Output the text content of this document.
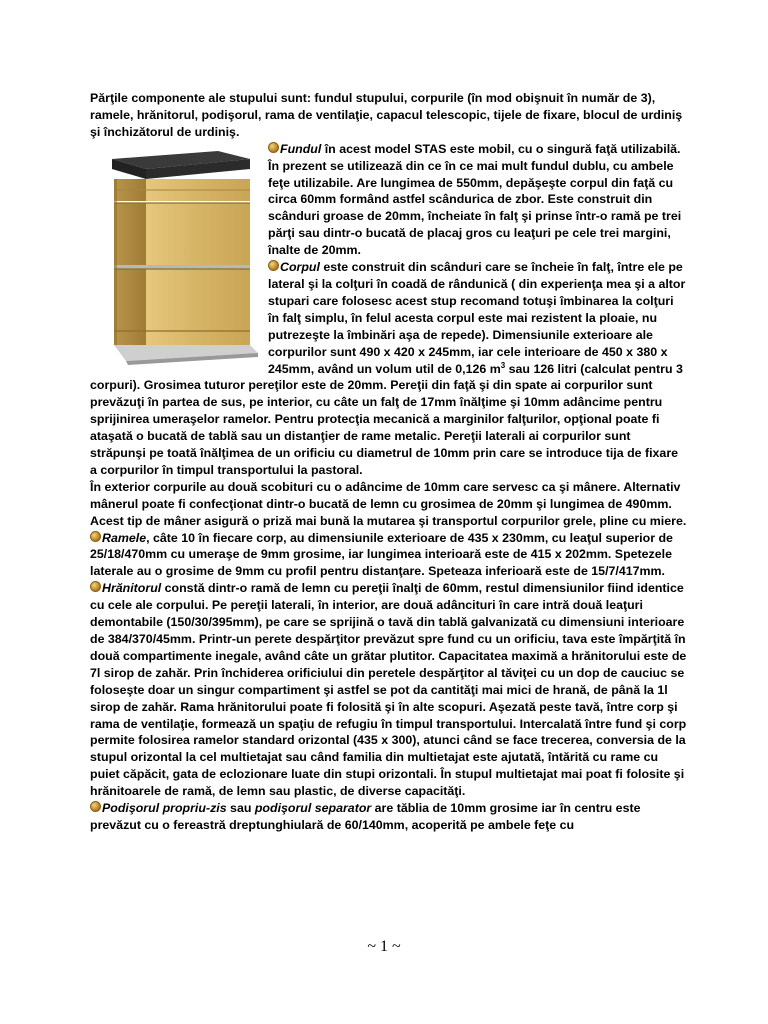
Părţile componente ale stupului sunt: fundul stupului, corpurile (în mod obişnuit în număr de 3), ramele, hrănitorul, podişorul, rama de ventilaţie, capacul telescopic, tijele de fixare, blocul de urdiniş şi închizătorul de urdiniş.

Fundul în acest model STAS este mobil, cu o singură faţă utilizabilă. În prezent se utilizează din ce în ce mai mult fundul dublu, cu ambele feţe utilizabile. Are lungimea de 550mm, depăşeşte corpul din faţă cu circa 60mm formând astfel scândurica de zbor. Este construit din scânduri groase de 20mm, încheiate în falţ şi prinse într-o ramă pe trei părţi sau dintr-o bucată de placaj gros cu leaţuri pe cele trei margini, înalte de 20mm.

Corpul este construit din scânduri care se încheie în falţ, între ele pe lateral şi la colţuri în coadă de rândunică ( din experienţa mea şi a altor stupari care folosesc acest stup recomand totuşi îmbinarea la colţuri în falţ simplu, în felul acesta corpul este mai rezistent la ploaie, nu putrezeşte la îmbinări aşa de repede). Dimensiunile exterioare ale corpurilor sunt 490 x 420 x 245mm, iar cele interioare de 450 x 380 x 245mm, având un volum util de 0,126 $m^3$ sau 126 litri (calculat pentru 3 corpuri). Grosimea tuturor pereţilor este de 20mm. Pereţii din faţă şi din spate ai corpurilor sunt prevăzuţi în partea de sus, pe interior, cu câte un falţ de 17mm înălţime şi 10mm adâncime pentru sprijinirea umeraşelor ramelor. Pentru protecţia mecanică a marginilor falţurilor, opţional poate fi ataşată o bucată de tablă sau un distanţier de rame metalic. Pereţii laterali ai corpurilor sunt străpunşi pe toată înălţimea de un orificiu cu diametrul de 10mm prin care se introduce tija de fixare a corpurilor în timpul transportului la pastoral.

În exterior corpurile au două scobituri cu o adâncime de 10mm care servesc ca şi mânere. Alternativ mânerul poate fi confecţionat dintr-o bucată de lemn cu grosimea de 20mm şi lungimea de 490mm. Acest tip de mâner asigură o priză mai bună la mutarea şi transportul corpurilor grele, pline cu miere.

Ramele, câte 10 în fiecare corp, au dimensiunile exterioare de 435 x 230mm, cu leaţul superior de 25/18/470mm cu umeraşe de 9mm grosime, iar lungimea interioară este de 415 x 202mm. Spetezele laterale au o grosime de 9mm cu profil pentru distanţare. Speteaza inferioară este de 15/7/417mm.

Hrănitorul constă dintr-o ramă de lemn cu pereţii înalţi de 60mm, restul dimensiunilor fiind identice cu cele ale corpului. Pe pereţii laterali, în interior, are două adâncituri în care intră două leaţuri demontabile (150/30/395mm), pe care se sprijină o tavă din tablă galvanizată cu dimensiuni interioare de 384/370/45mm. Printr-un perete despărţitor prevăzut spre fund cu un orificiu, tava este împărţită în două compartimente inegale, având câte un grătar plutitor. Capacitatea maximă a hrănitorului este de 7l sirop de zahăr. Prin închiderea orificiului din peretele despărţitor al tăviţei cu un dop de cauciuc se foloseşte doar un singur compartiment şi astfel se pot da cantităţi mai mici de hrană, de până la 1l sirop de zahăr. Rama hrănitorului poate fi folosită şi în alte scopuri. Aşezată peste tavă, între corp şi rama de ventilaţie, formează un spaţiu de refugiu în timpul transportului. Intercalată între fund şi corp permite folosirea ramelor standard orizontal (435 x 300), atunci când se face trecerea, conversia de la stupul orizontal la cel multietajat sau când familia din multietajat este ajutată, întărită cu rame cu puiet căpăcit, gata de eclozionare luate din stupi orizontali. În stupul multietajat mai poat fi folosite şi hrănitoarele de ramă, de lemn sau plastic, de diverse capacităţi.

Podişorul propriu-zis sau podişorul separator are tăblia de 10mm grosime iar în centru este prevăzut cu o fereastră dreptunghiulară de 60/140mm, acoperită pe ambele feţe cu

~ 1 ~
